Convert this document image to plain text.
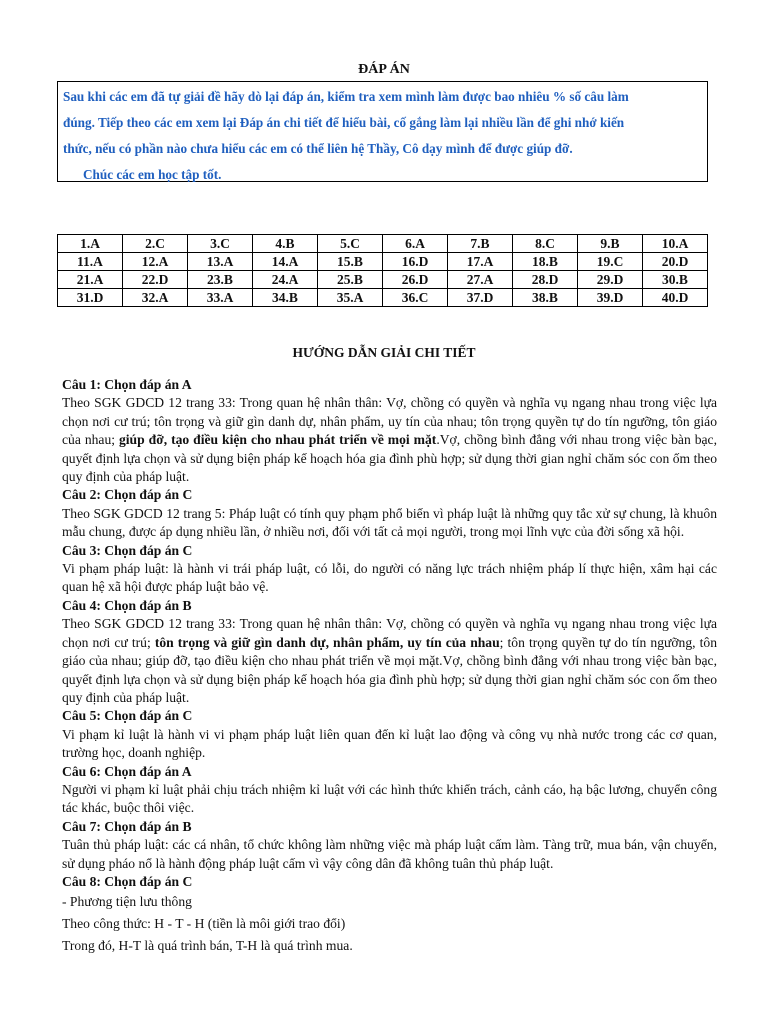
ĐÁP ÁN

Sau khi các em đã tự giải đề hãy dò lại đáp án, kiểm tra xem mình làm được bao nhiêu % số câu làm

đúng. Tiếp theo các em xem lại Đáp án chi tiết để hiểu bài, cố gắng làm lại nhiều lần để ghi nhớ kiến

thức, nếu có phần nào chưa hiểu các em có thể liên hệ Thầy, Cô dạy mình để được giúp đỡ.

Chúc các em học tập tốt.

1.A	2.C	3.C	4.B	5.C	6.A	7.B	8.C	9.B	10.A
11.A	12.A	13.A	14.A	15.B	16.D	17.A	18.B	19.C	20.D
21.A	22.D	23.B	24.A	25.B	26.D	27.A	28.D	29.D	30.B
31.D	32.A	33.A	34.B	35.A	36.C	37.D	38.B	39.D	40.D
HƯỚNG DẪN GIẢI CHI TIẾT

Câu 1: Chọn đáp án A

Theo SGK GDCD 12 trang 33: Trong quan hệ nhân thân: Vợ, chồng có quyền và nghĩa vụ ngang nhau trong việc lựa chọn nơi cư trú; tôn trọng và giữ gìn danh dự, nhân phẩm, uy tín của nhau; tôn trọng quyền tự do tín ngưỡng, tôn giáo của nhau; giúp đỡ, tạo điều kiện cho nhau phát triển về mọi mặt.Vợ, chồng bình đẳng với nhau trong việc bàn bạc, quyết định lựa chọn và sử dụng biện pháp kế hoạch hóa gia đình phù hợp; sử dụng thời gian nghỉ chăm sóc con ốm theo quy định của pháp luật.

Câu 2: Chọn đáp án C

Theo SGK GDCD 12 trang 5: Pháp luật có tính quy phạm phổ biến vì pháp luật là những quy tắc xử sự chung, là khuôn mẫu chung, được áp dụng nhiều lần, ở nhiều nơi, đối với tất cả mọi người, trong mọi lĩnh vực của đời sống xã hội.

Câu 3: Chọn đáp án C

Vi phạm pháp luật: là hành vi trái pháp luật, có lỗi, do người có năng lực trách nhiệm pháp lí thực hiện, xâm hại các quan hệ xã hội được pháp luật bảo vệ.

Câu 4: Chọn đáp án B

Theo SGK GDCD 12 trang 33: Trong quan hệ nhân thân: Vợ, chồng có quyền và nghĩa vụ ngang nhau trong việc lựa chọn nơi cư trú; tôn trọng và giữ gìn danh dự, nhân phẩm, uy tín của nhau; tôn trọng quyền tự do tín ngưỡng, tôn giáo của nhau; giúp đỡ, tạo điều kiện cho nhau phát triển về mọi mặt.Vợ, chồng bình đẳng với nhau trong việc bàn bạc, quyết định lựa chọn và sử dụng biện pháp kế hoạch hóa gia đình phù hợp; sử dụng thời gian nghỉ chăm sóc con ốm theo quy định của pháp luật.

Câu 5: Chọn đáp án C

Vi phạm kỉ luật là hành vi vi phạm pháp luật liên quan đến kỉ luật lao động và công vụ nhà nước trong các cơ quan, trường học, doanh nghiệp.

Câu 6: Chọn đáp án A

Người vi phạm kỉ luật phải chịu trách nhiệm kỉ luật với các hình thức khiển trách, cảnh cáo, hạ bậc lương, chuyển công tác khác, buộc thôi việc.

Câu 7: Chọn đáp án B

Tuân thủ pháp luật: các cá nhân, tổ chức không làm những việc mà pháp luật cấm làm. Tàng trữ, mua bán, vận chuyển, sử dụng pháo nổ là hành động pháp luật cấm vì vậy công dân đã không tuân thủ pháp luật.

Câu 8: Chọn đáp án C

- Phương tiện lưu thông

Theo công thức: H - T - H (tiền là môi giới trao đổi)

Trong đó, H-T là quá trình bán, T-H là quá trình mua.
